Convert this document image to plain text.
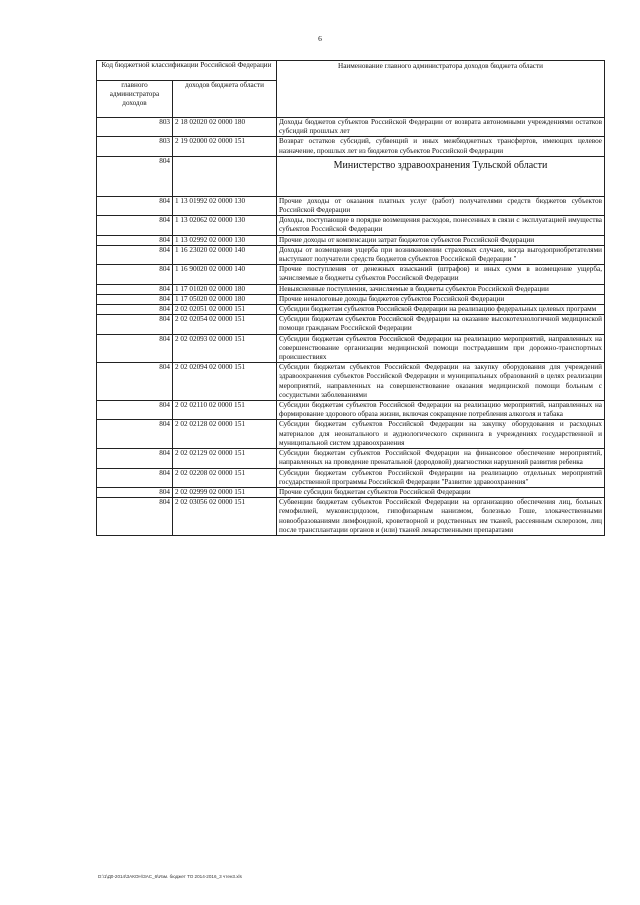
6
Код бюджетной классификации Российской Федерации		Наименование главного администратора доходов бюджета области
главного администратора доходов	доходов бюджета области	
803	2 18 02020 02 0000 180	Доходы бюджетов субъектов Российской Федерации от возврата автономными учреждениями остатков субсидий прошлых лет
803	2 19 02000 02 0000 151	Возврат остатков субсидий, субвенций и иных межбюджетных трансфертов, имеющих целевое назначение, прошлых лет из бюджетов субъектов Российской Федерации
804		Министерство здравоохранения Тульской области
804	1 13 01992 02 0000 130	Прочие доходы от оказания платных услуг (работ) получателями средств бюджетов субъектов Российской Федерации
804	1 13 02062 02 0000 130	Доходы, поступающие в порядке возмещения расходов, понесенных в связи с эксплуатацией имущества субъектов Российской Федерации
804	1 13 02992 02 0000 130	Прочие доходы от компенсации затрат бюджетов субъектов Российской Федерации
804	1 16 23020 02 0000 140	Доходы от возмещения ущерба при возникновении страховых случаев, когда выгодоприобретателями выступают получатели средств бюджетов субъектов Российской Федерации "
804	1 16 90020 02 0000 140	Прочие поступления от денежных взысканий (штрафов) и иных сумм в возмещение ущерба, зачисляемые в бюджеты субъектов Российской Федерации
804	1 17 01020 02 0000 180	Невыясненные поступления, зачисляемые в бюджеты субъектов Российской Федерации
804	1 17 05020 02 0000 180	Прочие неналоговые доходы бюджетов субъектов Российской Федерации
804	2 02 02051 02 0000 151	Субсидии бюджетам субъектов Российской Федерации на реализацию федеральных целевых программ
804	2 02 02054 02 0000 151	Субсидии бюджетам субъектов Российской Федерации на оказание высокотехнологичной медицинской помощи гражданам Российской Федерации
804	2 02 02093 02 0000 151	Субсидии бюджетам субъектов Российской Федерации на реализацию мероприятий, направленных на совершенствование организации медицинской помощи пострадавшим при дорожно-транспортных происшествиях
804	2 02 02094 02 0000 151	Субсидии бюджетам субъектов Российской Федерации на закупку оборудования для учреждений здравоохранения субъектов Российской Федерации и муниципальных образований в целях реализации мероприятий, направленных на совершенствование оказания медицинской помощи больным с сосудистыми заболеваниями
804	2 02 02110 02 0000 151	Субсидии бюджетам субъектов Российской Федерации на реализацию мероприятий, направленных на формирование здорового образа жизни, включая сокращение потребления алкоголя и табака
804	2 02 02128 02 0000 151	Субсидии бюджетам субъектов Российской Федерации на закупку оборудования и расходных материалов для неонатального и аудиологического скрининга в учреждениях государственной и муниципальной систем здравоохранения
804	2 02 02129 02 0000 151	Субсидии бюджетам субъектов Российской Федерации на финансовое обеспечение мероприятий, направленных на проведение пренатальной (дородовой) диагностики нарушений развития ребенка
804	2 02 02208 02 0000 151	Субсидии бюджетам субъектов Российской Федерации на реализацию отдельных мероприятий государственной программы Российской Федерации "Развитие здравоохранения"
804	2 02 02999 02 0000 151	Прочие субсидии бюджетам субъектов Российской Федерации
804	2 02 03056 02 0000 151	Субвенции бюджетам субъектов Российской Федерации на организацию обеспечения лиц, больных гемофилией, муковисцидозом, гипофизарным нанизмом, болезнью Гоше, злокачественными новообразованиями лимфоидной, кроветворной и родственных им тканей, рассеянным склерозом, лиц после трансплантации органов и (или) тканей лекарственными препаратами
D:\1\Д0-2014\ЗАКОН\ЗАС_6\Изм. бюджет ТО 2014-2016_3 чтен3.xls
